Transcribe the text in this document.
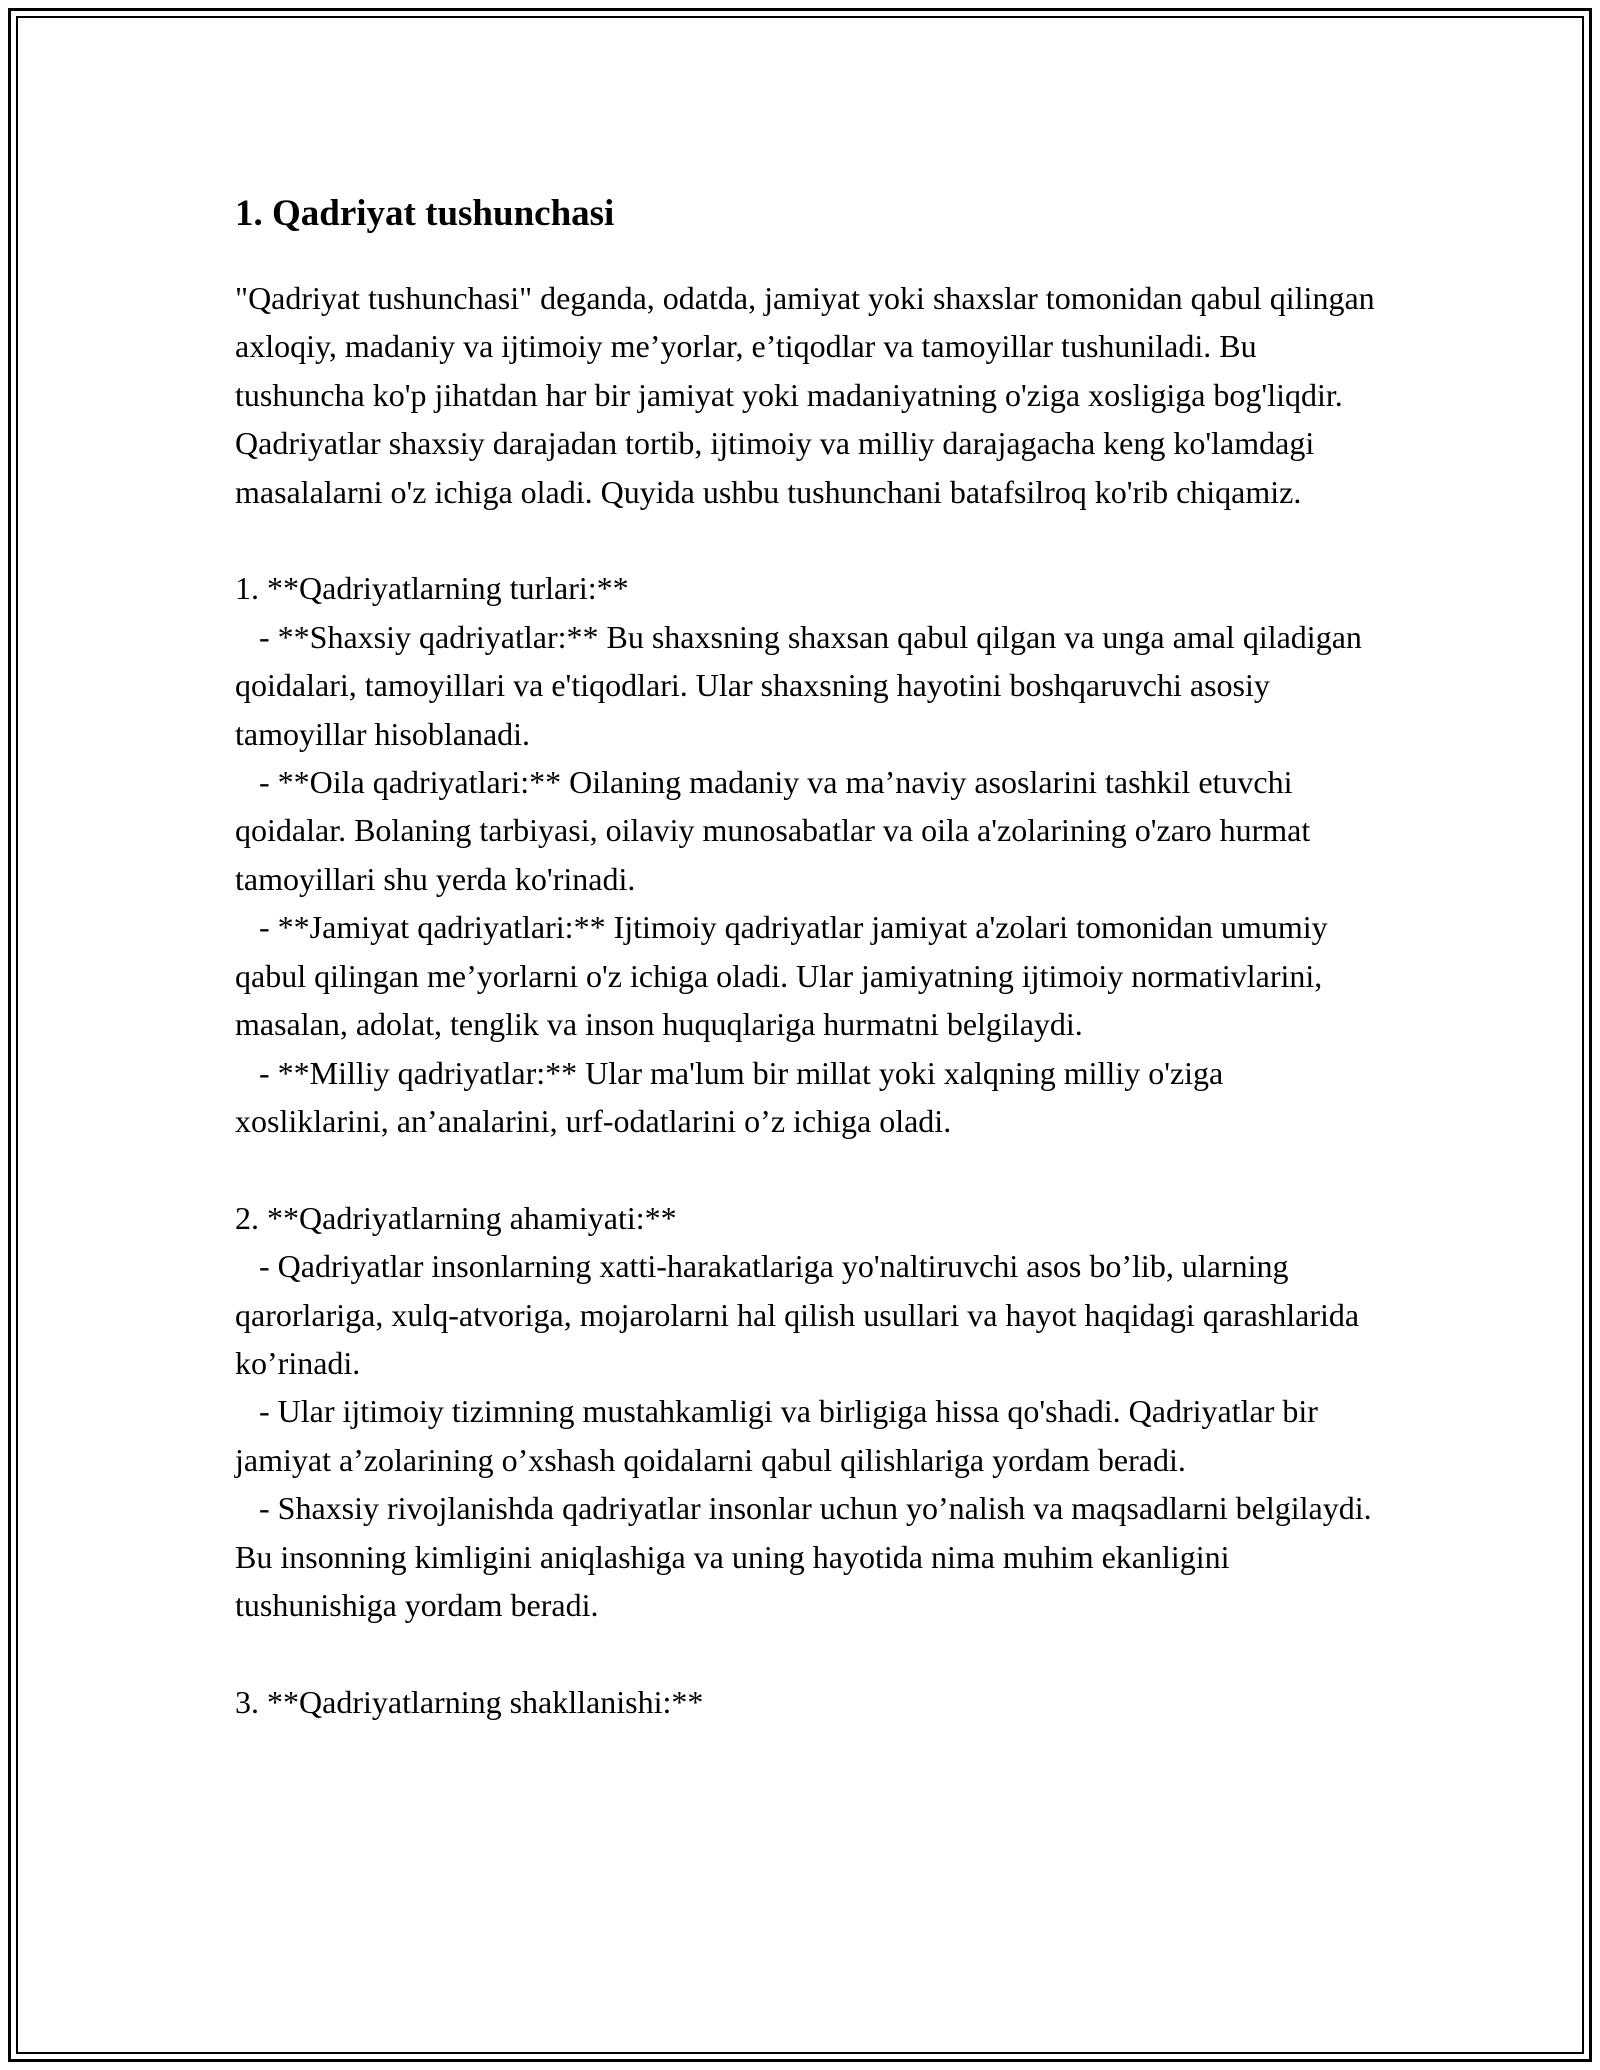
1. Qadriyat tushunchasi

"Qadriyat tushunchasi" deganda, odatda, jamiyat yoki shaxslar tomonidan qabul qilingan axloqiy, madaniy va ijtimoiy me’yorlar, e’tiqodlar va tamoyillar tushuniladi. Bu tushuncha ko'p jihatdan har bir jamiyat yoki madaniyatning o'ziga xosligiga bog'liqdir. Qadriyatlar shaxsiy darajadan tortib, ijtimoiy va milliy darajagacha keng ko'lamdagi masalalarni o'z ichiga oladi. Quyida ushbu tushunchani batafsilroq ko'rib chiqamiz.

1. **Qadriyatlarning turlari:**
- **Shaxsiy qadriyatlar:** Bu shaxsning shaxsan qabul qilgan va unga amal qiladigan qoidalari, tamoyillari va e'tiqodlari. Ular shaxsning hayotini boshqaruvchi asosiy tamoyillar hisoblanadi.
- **Oila qadriyatlari:** Oilaning madaniy va ma’naviy asoslarini tashkil etuvchi qoidalar. Bolaning tarbiyasi, oilaviy munosabatlar va oila a'zolarining o'zaro hurmat tamoyillari shu yerda ko'rinadi.
- **Jamiyat qadriyatlari:** Ijtimoiy qadriyatlar jamiyat a'zolari tomonidan umumiy qabul qilingan me’yorlarni o'z ichiga oladi. Ular jamiyatning ijtimoiy normativlarini, masalan, adolat, tenglik va inson huquqlariga hurmatni belgilaydi.
- **Milliy qadriyatlar:** Ular ma'lum bir millat yoki xalqning milliy o'ziga xosliklarini, an’analarini, urf-odatlarini o’z ichiga oladi.

2. **Qadriyatlarning ahamiyati:**
- Qadriyatlar insonlarning xatti-harakatlariga yo'naltiruvchi asos bo’lib, ularning qarorlariga, xulq-atvoriga, mojarolarni hal qilish usullari va hayot haqidagi qarashlarida ko’rinadi.
- Ular ijtimoiy tizimning mustahkamligi va birligiga hissa qo'shadi. Qadriyatlar bir jamiyat a’zolarining o’xshash qoidalarni qabul qilishlariga yordam beradi.
- Shaxsiy rivojlanishda qadriyatlar insonlar uchun yo’nalish va maqsadlarni belgilaydi. Bu insonning kimligini aniqlashiga va uning hayotida nima muhim ekanligini tushunishiga yordam beradi.

3. **Qadriyatlarning shakllanishi:**
